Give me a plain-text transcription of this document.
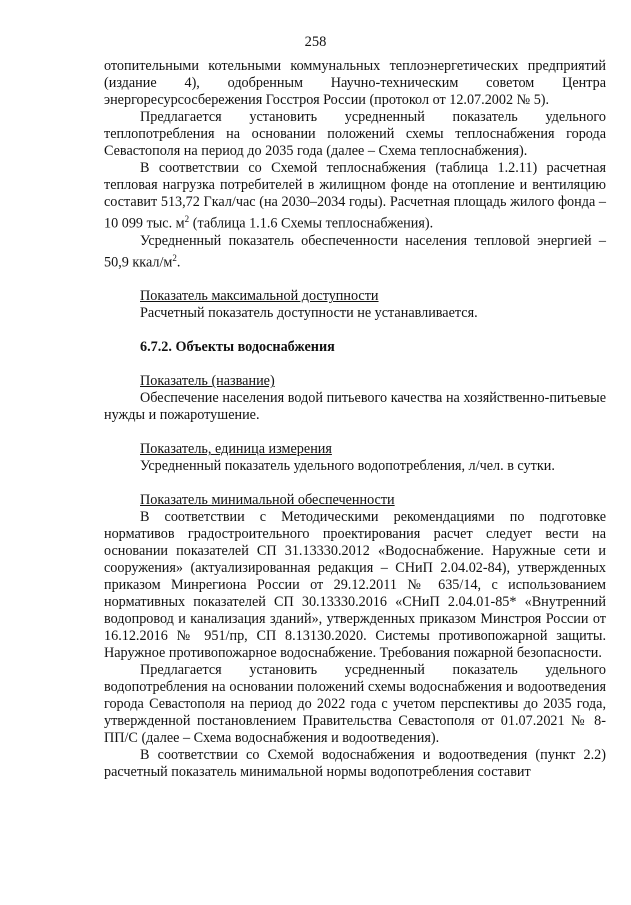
258

отопительными котельными коммунальных теплоэнергетических предприятий (издание 4), одобренным Научно-техническим советом Центра энергоресурсосбережения Госстроя России (протокол от 12.07.2002 № 5).

Предлагается установить усредненный показатель удельного теплопотребления на основании положений схемы теплоснабжения города Севастополя на период до 2035 года (далее – Схема теплоснабжения).

В соответствии со Схемой теплоснабжения (таблица 1.2.11) расчетная тепловая нагрузка потребителей в жилищном фонде на отопление и вентиляцию составит 513,72 Гкал/час (на 2030–2034 годы). Расчетная площадь жилого фонда – 10 099 тыс. $м^2$ (таблица 1.1.6 Схемы теплоснабжения).

Усредненный показатель обеспеченности населения тепловой энергией – 50,9 ккал/$м^2$.

Показатель максимальной доступности

Расчетный показатель доступности не устанавливается.

6.7.2. Объекты водоснабжения

Показатель (название)

Обеспечение населения водой питьевого качества на хозяйственно-питьевые нужды и пожаротушение.

Показатель, единица измерения

Усредненный показатель удельного водопотребления, л/чел. в сутки.

Показатель минимальной обеспеченности

В соответствии с Методическими рекомендациями по подготовке нормативов градостроительного проектирования расчет следует вести на основании показателей СП 31.13330.2012 «Водоснабжение. Наружные сети и сооружения» (актуализированная редакция – СНиП 2.04.02-84), утвержденных приказом Минрегиона России от 29.12.2011 № 635/14, с использованием нормативных показателей СП 30.13330.2016 «СНиП 2.04.01-85* «Внутренний водопровод и канализация зданий», утвержденных приказом Минстроя России от 16.12.2016 № 951/пр, СП 8.13130.2020. Системы противопожарной защиты. Наружное противопожарное водоснабжение. Требования пожарной безопасности.

Предлагается установить усредненный показатель удельного водопотребления на основании положений схемы водоснабжения и водоотведения города Севастополя на период до 2022 года с учетом перспективы до 2035 года, утвержденной постановлением Правительства Севастополя от 01.07.2021 № 8-ПП/С (далее – Схема водоснабжения и водоотведения).

В соответствии со Схемой водоснабжения и водоотведения (пункт 2.2) расчетный показатель минимальной нормы водопотребления составит
